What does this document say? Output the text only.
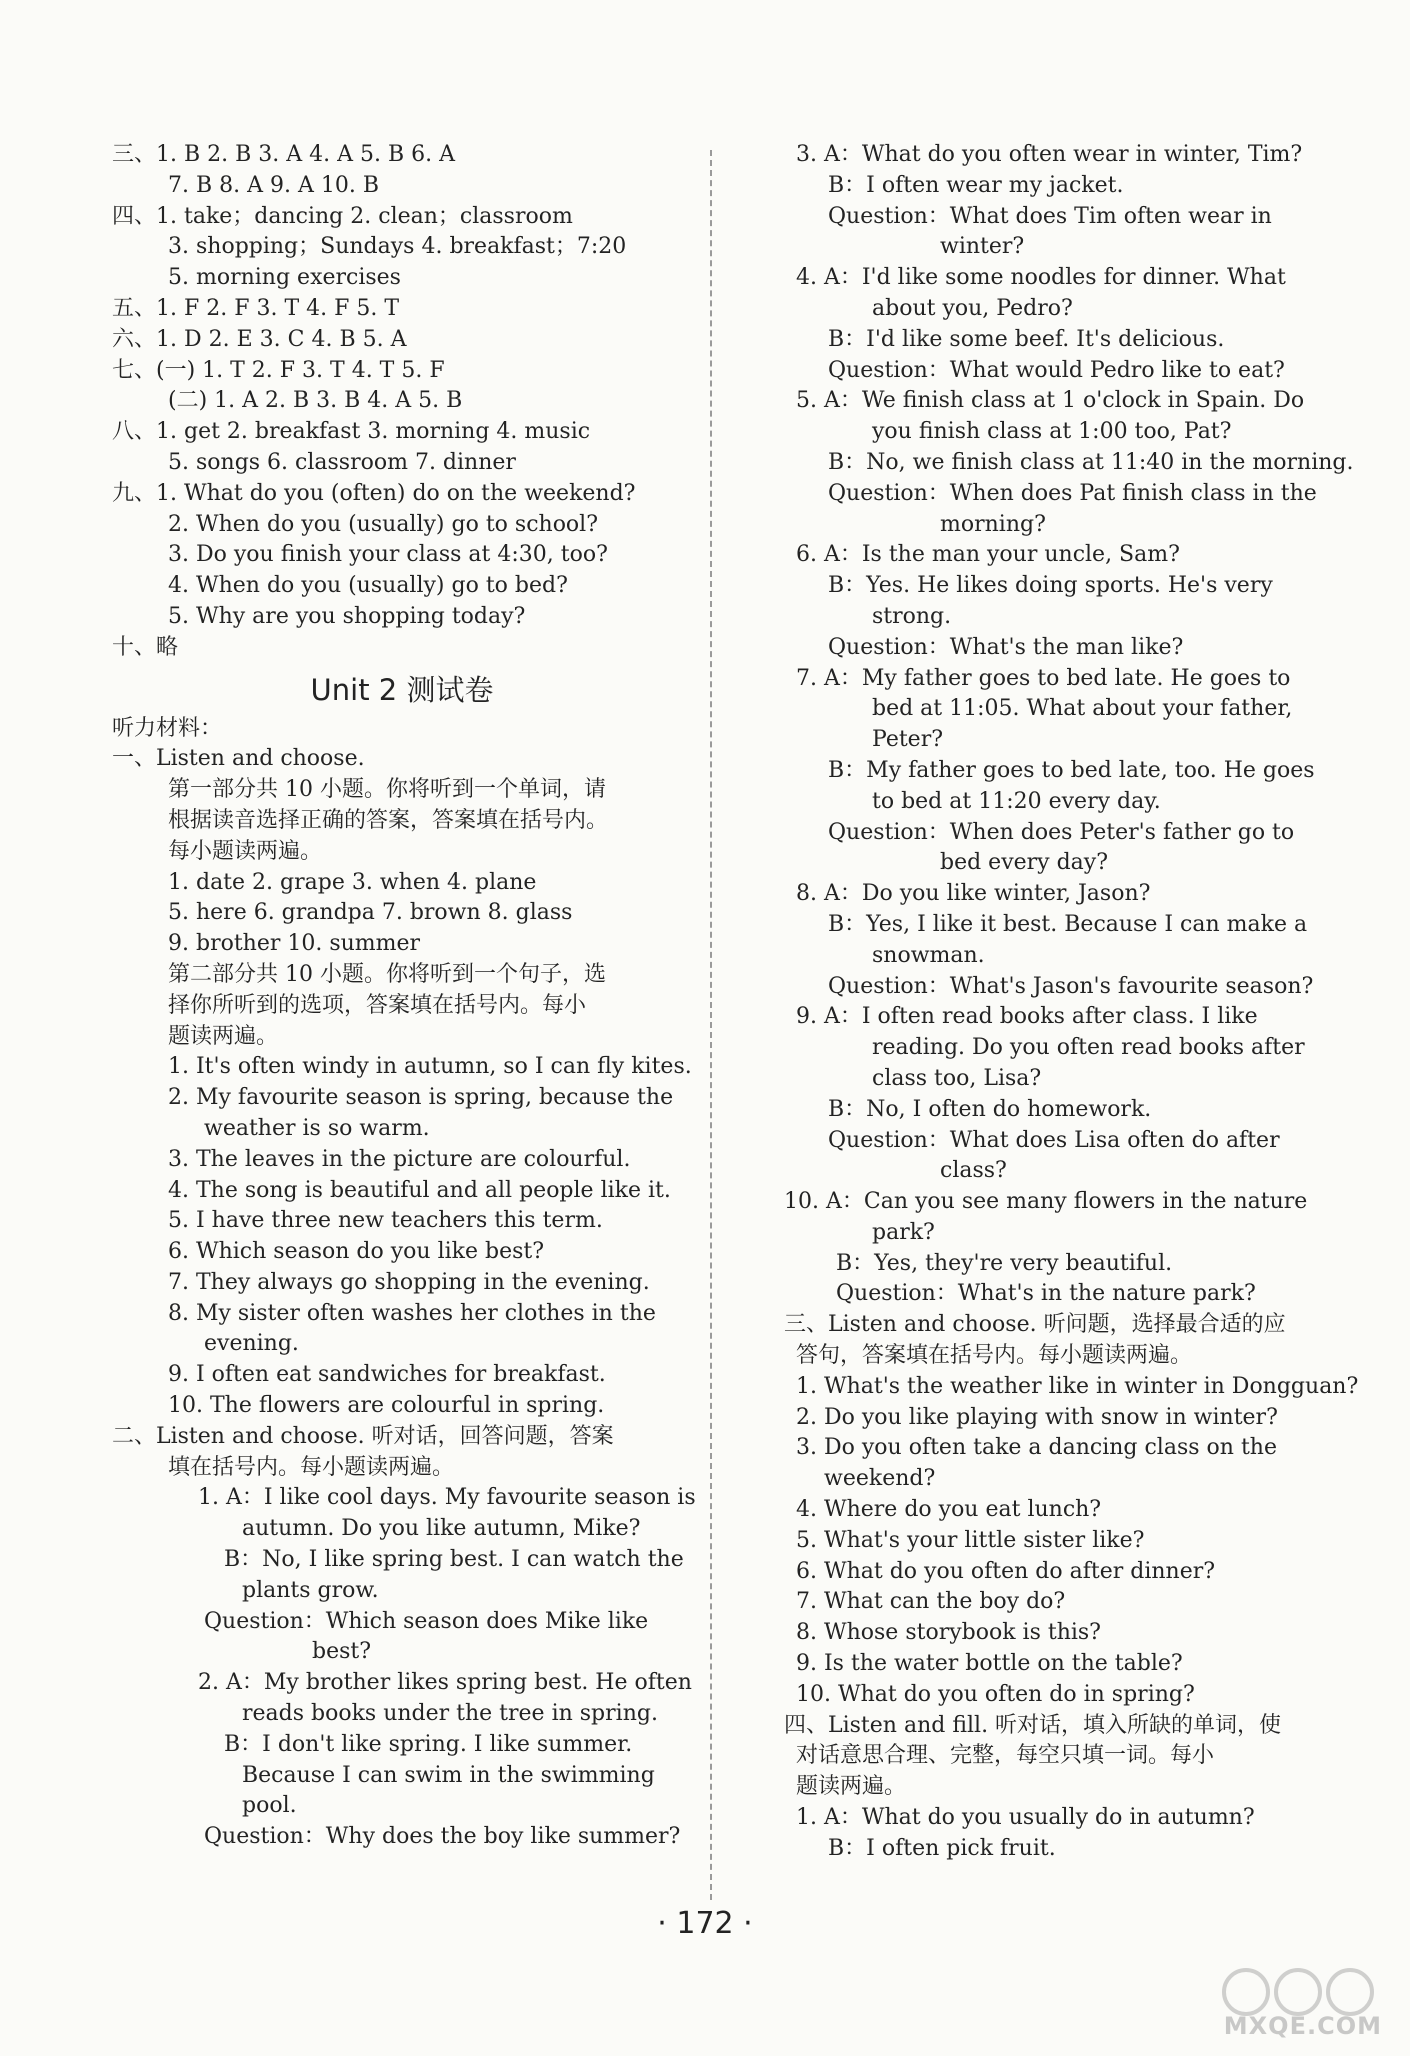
三、1. B 2. B 3. A 4. A 5. B 6. A
7. B 8. A 9. A 10. B
四、1. take；dancing 2. clean；classroom
3. shopping；Sundays 4. breakfast；7:20
5. morning exercises
五、1. F 2. F 3. T 4. F 5. T
六、1. D 2. E 3. C 4. B 5. A
七、(一) 1. T 2. F 3. T 4. T 5. F
(二) 1. A 2. B 3. B 4. A 5. B
八、1. get 2. breakfast 3. morning 4. music
5. songs 6. classroom 7. dinner
九、1. What do you (often) do on the weekend?
2. When do you (usually) go to school?
3. Do you finish your class at 4:30, too?
4. When do you (usually) go to bed?
5. Why are you shopping today?
十、略
Unit 2 测试卷
听力材料：
一、Listen and choose.
第一部分共 10 小题。你将听到一个单词，请
根据读音选择正确的答案，答案填在括号内。
每小题读两遍。
1. date 2. grape 3. when 4. plane
5. here 6. grandpa 7. brown 8. glass
9. brother 10. summer
第二部分共 10 小题。你将听到一个句子，选
择你所听到的选项，答案填在括号内。每小
题读两遍。
1. It's often windy in autumn, so I can fly kites.
2. My favourite season is spring, because the
weather is so warm.
3. The leaves in the picture are colourful.
4. The song is beautiful and all people like it.
5. I have three new teachers this term.
6. Which season do you like best?
7. They always go shopping in the evening.
8. My sister often washes her clothes in the
evening.
9. I often eat sandwiches for breakfast.
10. The flowers are colourful in spring.
二、Listen and choose. 听对话，回答问题，答案
填在括号内。每小题读两遍。
1. A：I like cool days. My favourite season is
autumn. Do you like autumn, Mike?
B：No, I like spring best. I can watch the
plants grow.
Question：Which season does Mike like
best?
2. A：My brother likes spring best. He often
reads books under the tree in spring.
B：I don't like spring. I like summer.
Because I can swim in the swimming
pool.
Question：Why does the boy like summer?
3. A：What do you often wear in winter, Tim?
B：I often wear my jacket.
Question：What does Tim often wear in
winter?
4. A：I'd like some noodles for dinner. What
about you, Pedro?
B：I'd like some beef. It's delicious.
Question：What would Pedro like to eat?
5. A：We finish class at 1 o'clock in Spain. Do
you finish class at 1:00 too, Pat?
B：No, we finish class at 11:40 in the morning.
Question：When does Pat finish class in the
morning?
6. A：Is the man your uncle, Sam?
B：Yes. He likes doing sports. He's very
strong.
Question：What's the man like?
7. A：My father goes to bed late. He goes to
bed at 11:05. What about your father,
Peter?
B：My father goes to bed late, too. He goes
to bed at 11:20 every day.
Question：When does Peter's father go to
bed every day?
8. A：Do you like winter, Jason?
B：Yes, I like it best. Because I can make a
snowman.
Question：What's Jason's favourite season?
9. A：I often read books after class. I like
reading. Do you often read books after
class too, Lisa?
B：No, I often do homework.
Question：What does Lisa often do after
class?
10. A：Can you see many flowers in the nature
park?
B：Yes, they're very beautiful.
Question：What's in the nature park?
三、Listen and choose. 听问题，选择最合适的应
答句，答案填在括号内。每小题读两遍。
1. What's the weather like in winter in Dongguan?
2. Do you like playing with snow in winter?
3. Do you often take a dancing class on the
weekend?
4. Where do you eat lunch?
5. What's your little sister like?
6. What do you often do after dinner?
7. What can the boy do?
8. Whose storybook is this?
9. Is the water bottle on the table?
10. What do you often do in spring?
四、Listen and fill. 听对话，填入所缺的单词，使
对话意思合理、完整，每空只填一词。每小
题读两遍。
1. A：What do you usually do in autumn?
B：I often pick fruit.
· 172 ·
MXQE.COM
